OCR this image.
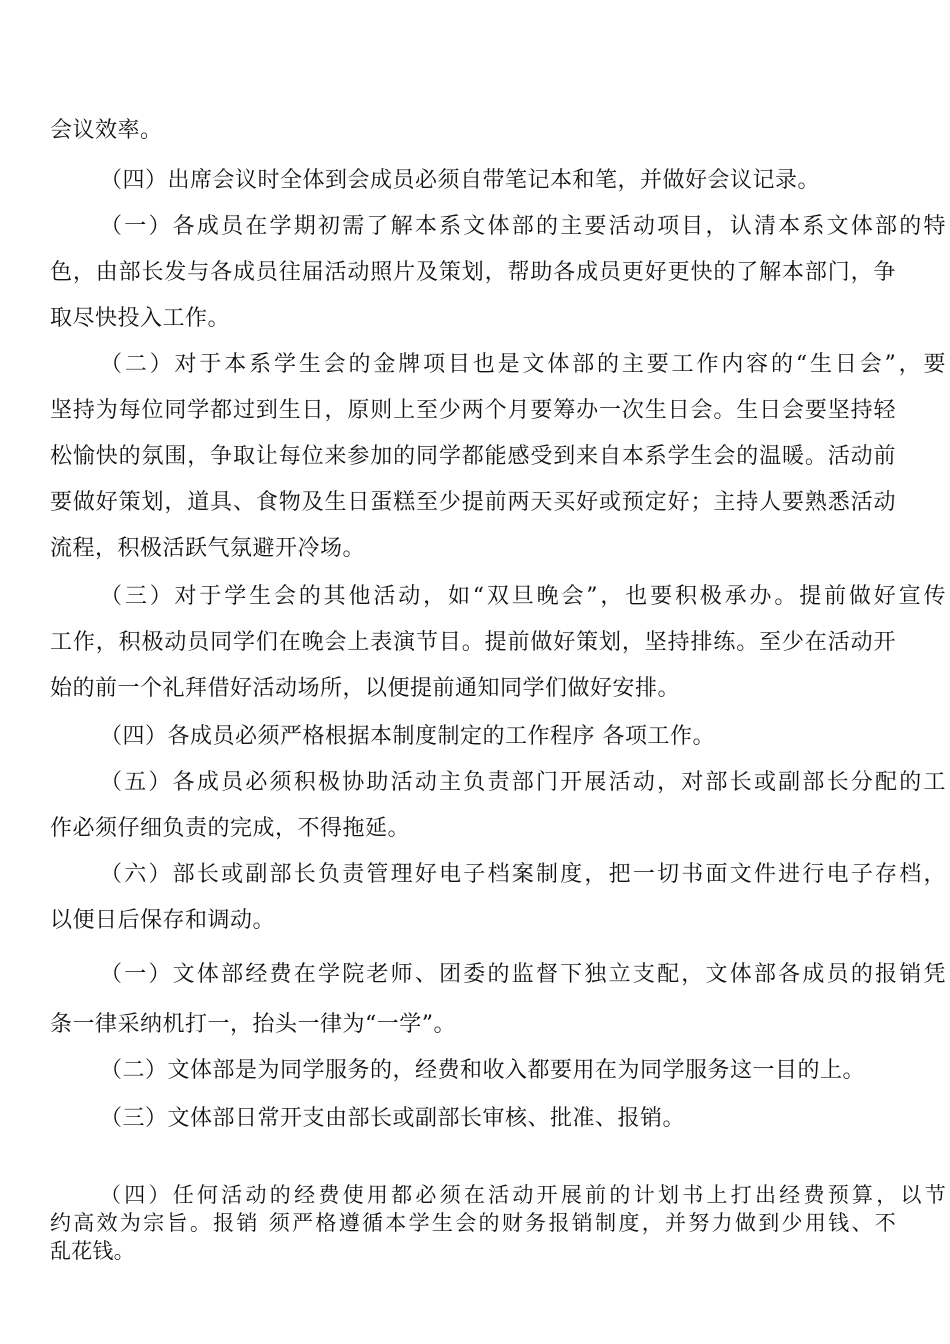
会议效率。
（四）出席会议时全体到会成员必须自带笔记本和笔，并做好会议记录。
（一）各成员在学期初需了解本系文体部的主要活动项目，认清本系文体部的特
色，由部长发与各成员往届活动照片及策划，帮助各成员更好更快的了解本部门，争
取尽快投入工作。
（二）对于本系学生会的金牌项目也是文体部的主要工作内容的“生日会”，要
坚持为每位同学都过到生日，原则上至少两个月要筹办一次生日会。生日会要坚持轻
松愉快的氛围，争取让每位来参加的同学都能感受到来自本系学生会的温暖。活动前
要做好策划，道具、食物及生日蛋糕至少提前两天买好或预定好；主持人要熟悉活动
流程，积极活跃气氛避开冷场。
（三）对于学生会的其他活动，如“双旦晚会”，也要积极承办。提前做好宣传
工作，积极动员同学们在晚会上表演节目。提前做好策划，坚持排练。至少在活动开
始的前一个礼拜借好活动场所，以便提前通知同学们做好安排。
（四）各成员必须严格根据本制度制定的工作程序 各项工作。
（五）各成员必须积极协助活动主负责部门开展活动，对部长或副部长分配的工
作必须仔细负责的完成，不得拖延。
（六）部长或副部长负责管理好电子档案制度，把一切书面文件进行电子存档，
以便日后保存和调动。
（一）文体部经费在学院老师、团委的监督下独立支配，文体部各成员的报销凭
条一律采纳机打一，抬头一律为“一学”。
（二）文体部是为同学服务的，经费和收入都要用在为同学服务这一目的上。
（三）文体部日常开支由部长或副部长审核、批准、报销。
（四）任何活动的经费使用都必须在活动开展前的计划书上打出经费预算，以节
约高效为宗旨。报销 须严格遵循本学生会的财务报销制度，并努力做到少用钱、不
乱花钱。
